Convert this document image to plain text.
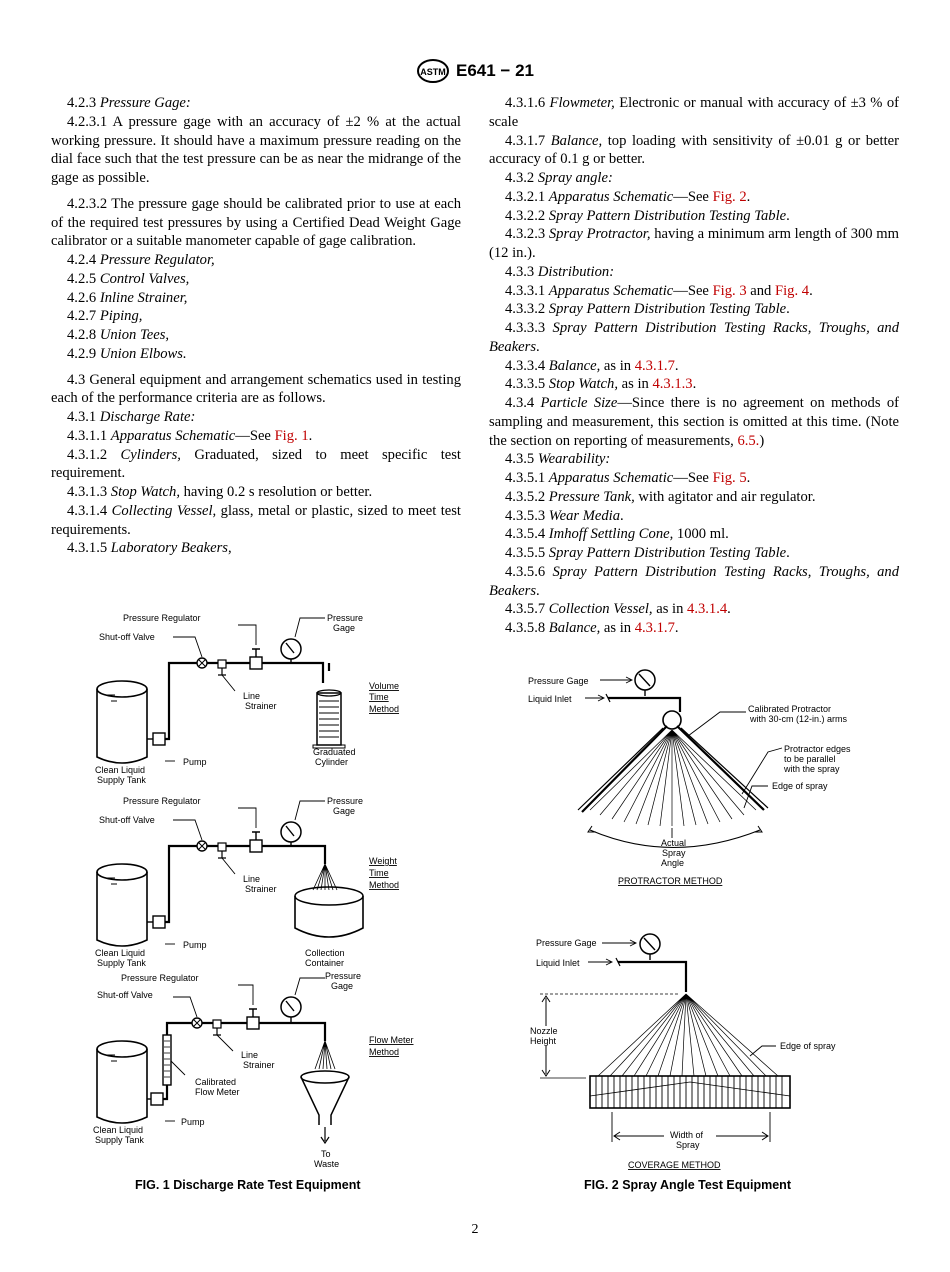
ASTM E641 − 21

4.2.3 Pressure Gage:

4.2.3.1 A pressure gage with an accuracy of ±2 % at the actual working pressure. It should have a maximum pressure reading on the dial face such that the test pressure can be as near the midrange of the gage as possible.

4.2.3.2 The pressure gage should be calibrated prior to use at each of the required test pressures by using a Certified Dead Weight Gage calibrator or a suitable manometer capable of gage calibration.

4.2.4 Pressure Regulator,

4.2.5 Control Valves,

4.2.6 Inline Strainer,

4.2.7 Piping,

4.2.8 Union Tees,

4.2.9 Union Elbows.

4.3 General equipment and arrangement schematics used in testing each of the performance criteria are as follows.

4.3.1 Discharge Rate:

4.3.1.1 Apparatus Schematic—See Fig. 1.

4.3.1.2 Cylinders, Graduated, sized to meet specific test requirement.

4.3.1.3 Stop Watch, having 0.2 s resolution or better.

4.3.1.4 Collecting Vessel, glass, metal or plastic, sized to meet test requirements.

4.3.1.5 Laboratory Beakers,

4.3.1.6 Flowmeter, Electronic or manual with accuracy of ±3 % of scale

4.3.1.7 Balance, top loading with sensitivity of ±0.01 g or better accuracy of 0.1 g or better.

4.3.2 Spray angle:

4.3.2.1 Apparatus Schematic—See Fig. 2.

4.3.2.2 Spray Pattern Distribution Testing Table.

4.3.2.3 Spray Protractor, having a minimum arm length of 300 mm (12 in.).

4.3.3 Distribution:

4.3.3.1 Apparatus Schematic—See Fig. 3 and Fig. 4.

4.3.3.2 Spray Pattern Distribution Testing Table.

4.3.3.3 Spray Pattern Distribution Testing Racks, Troughs, and Beakers.

4.3.3.4 Balance, as in 4.3.1.7.

4.3.3.5 Stop Watch, as in 4.3.1.3.

4.3.4 Particle Size—Since there is no agreement on methods of sampling and measurement, this section is omitted at this time. (Note the section on reporting of measurements, 6.5.)

4.3.5 Wearability:

4.3.5.1 Apparatus Schematic—See Fig. 5.

4.3.5.2 Pressure Tank, with agitator and air regulator.

4.3.5.3 Wear Media.

4.3.5.4 Imhoff Settling Cone, 1000 ml.

4.3.5.5 Spray Pattern Distribution Testing Table.

4.3.5.6 Spray Pattern Distribution Testing Racks, Troughs, and Beakers.

4.3.5.7 Collection Vessel, as in 4.3.1.4.

4.3.5.8 Balance, as in 4.3.1.7.

Pressure Regulator	Pressure
Gage
Shut-off Valve
Line
Strainer
Clean Liquid
Supply Tank
Pump
Graduated
Cylinder
Volume
Time
Method
Pressure Regulator	Pressure
Gage
Shut-off Valve
Line
Strainer
Clean Liquid
Supply Tank
Pump
Collection
Container
Weight
Time
Method
Pressure Regulator	Pressure
Gage
Shut-off Valve
Line
Strainer
Calibrated
Flow Meter
Clean Liquid
Supply Tank
Pump
To
Waste
Flow Meter
Method
FIG. 1 Discharge Rate Test Equipment
Pressure Gage
Liquid Inlet
Calibrated Protractor
with 30-cm (12-in.) arms
Protractor edges
to be parallel
with the spray
Edge of spray
Actual
Spray
Angle
PROTRACTOR METHOD
Pressure Gage
Liquid Inlet
Nozzle
Height	Edge of spray
Width of
Spray
COVERAGE METHOD
FIG. 2 Spray Angle Test Equipment
2
